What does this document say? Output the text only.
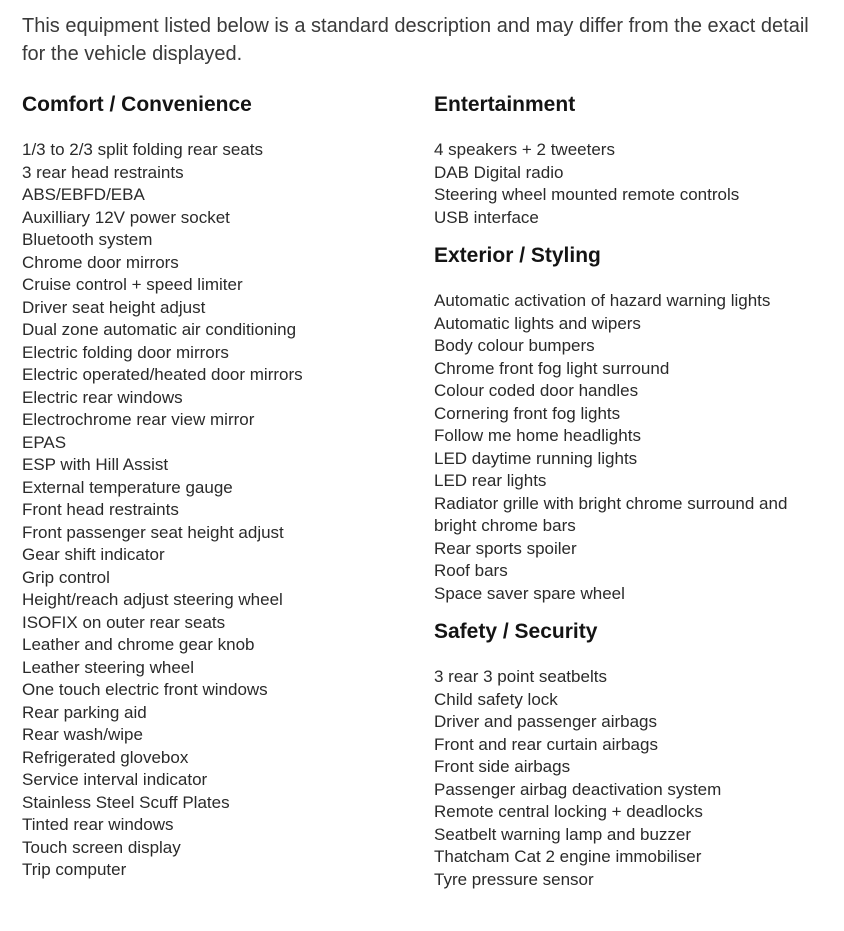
This equipment listed below is a standard description and may differ from the exact detail for the vehicle displayed.

Comfort / Convenience
1/3 to 2/3 split folding rear seats
3 rear head restraints
ABS/EBFD/EBA
Auxilliary 12V power socket
Bluetooth system
Chrome door mirrors
Cruise control + speed limiter
Driver seat height adjust
Dual zone automatic air conditioning
Electric folding door mirrors
Electric operated/heated door mirrors
Electric rear windows
Electrochrome rear view mirror
EPAS
ESP with Hill Assist
External temperature gauge
Front head restraints
Front passenger seat height adjust
Gear shift indicator
Grip control
Height/reach adjust steering wheel
ISOFIX on outer rear seats
Leather and chrome gear knob
Leather steering wheel
One touch electric front windows
Rear parking aid
Rear wash/wipe
Refrigerated glovebox
Service interval indicator
Stainless Steel Scuff Plates
Tinted rear windows
Touch screen display
Trip computer
Entertainment
4 speakers + 2 tweeters
DAB Digital radio
Steering wheel mounted remote controls
USB interface
Exterior / Styling
Automatic activation of hazard warning lights
Automatic lights and wipers
Body colour bumpers
Chrome front fog light surround
Colour coded door handles
Cornering front fog lights
Follow me home headlights
LED daytime running lights
LED rear lights
Radiator grille with bright chrome surround and bright chrome bars
Rear sports spoiler
Roof bars
Space saver spare wheel
Safety / Security
3 rear 3 point seatbelts
Child safety lock
Driver and passenger airbags
Front and rear curtain airbags
Front side airbags
Passenger airbag deactivation system
Remote central locking + deadlocks
Seatbelt warning lamp and buzzer
Thatcham Cat 2 engine immobiliser
Tyre pressure sensor
